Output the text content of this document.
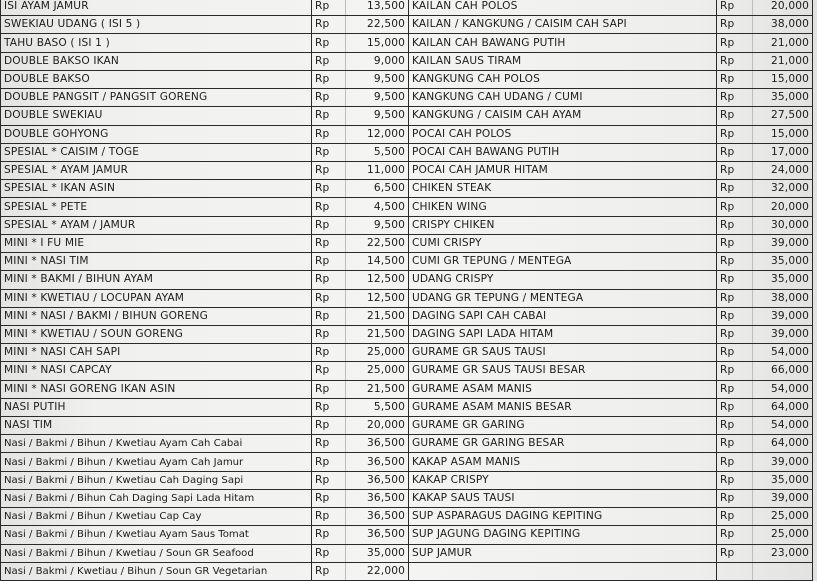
ISI AYAM JAMUR	Rp	13,500	KAILAN CAH POLOS	Rp	20,000
SWEKIAU UDANG ( ISI 5 )	Rp	22,500	KAILAN / KANGKUNG / CAISIM CAH SAPI	Rp	38,000
TAHU BASO ( ISI 1 )	Rp	15,000	KAILAN CAH BAWANG PUTIH	Rp	21,000
DOUBLE BAKSO IKAN	Rp	9,000	KAILAN SAUS TIRAM	Rp	21,000
DOUBLE BAKSO	Rp	9,500	KANGKUNG CAH POLOS	Rp	15,000
DOUBLE PANGSIT / PANGSIT GORENG	Rp	9,500	KANGKUNG CAH UDANG / CUMI	Rp	35,000
DOUBLE SWEKIAU	Rp	9,500	KANGKUNG / CAISIM CAH AYAM	Rp	27,500
DOUBLE GOHYONG	Rp	12,000	POCAI CAH POLOS	Rp	15,000
SPESIAL * CAISIM / TOGE	Rp	5,500	POCAI CAH BAWANG PUTIH	Rp	17,000
SPESIAL * AYAM JAMUR	Rp	11,000	POCAI CAH JAMUR HITAM	Rp	24,000
SPESIAL * IKAN ASIN	Rp	6,500	CHIKEN STEAK	Rp	32,000
SPESIAL * PETE	Rp	4,500	CHIKEN WING	Rp	20,000
SPESIAL * AYAM / JAMUR	Rp	9,500	CRISPY CHIKEN	Rp	30,000
MINI * I FU MIE	Rp	22,500	CUMI CRISPY	Rp	39,000
MINI * NASI TIM	Rp	14,500	CUMI GR TEPUNG / MENTEGA	Rp	35,000
MINI * BAKMI / BIHUN AYAM	Rp	12,500	UDANG CRISPY	Rp	35,000
MINI * KWETIAU / LOCUPAN AYAM	Rp	12,500	UDANG GR TEPUNG / MENTEGA	Rp	38,000
MINI * NASI / BAKMI / BIHUN GORENG	Rp	21,500	DAGING SAPI CAH CABAI	Rp	39,000
MINI * KWETIAU / SOUN GORENG	Rp	21,500	DAGING SAPI LADA HITAM	Rp	39,000
MINI * NASI CAH SAPI	Rp	25,000	GURAME GR SAUS TAUSI	Rp	54,000
MINI * NASI CAPCAY	Rp	25,000	GURAME GR SAUS TAUSI BESAR	Rp	66,000
MINI * NASI GORENG IKAN ASIN	Rp	21,500	GURAME ASAM MANIS	Rp	54,000
NASI PUTIH	Rp	5,500	GURAME ASAM MANIS BESAR	Rp	64,000
NASI TIM	Rp	20,000	GURAME GR GARING	Rp	54,000
Nasi / Bakmi / Bihun / Kwetiau Ayam Cah Cabai	Rp	36,500	GURAME GR GARING BESAR	Rp	64,000
Nasi / Bakmi / Bihun / Kwetiau Ayam Cah Jamur	Rp	36,500	KAKAP ASAM MANIS	Rp	39,000
Nasi / Bakmi / Bihun / Kwetiau Cah Daging Sapi	Rp	36,500	KAKAP CRISPY	Rp	35,000
Nasi / Bakmi / Bihun Cah Daging Sapi Lada Hitam	Rp	36,500	KAKAP SAUS TAUSI	Rp	39,000
Nasi / Bakmi / Bihun / Kwetiau Cap Cay	Rp	36,500	SUP ASPARAGUS DAGING KEPITING	Rp	25,000
Nasi / Bakmi / Bihun / Kwetiau Ayam Saus Tomat	Rp	36,500	SUP JAGUNG DAGING KEPITING	Rp	25,000
Nasi / Bakmi / Bihun / Kwetiau / Soun GR Seafood	Rp	35,000	SUP JAMUR	Rp	23,000
Nasi / Bakmi / Kwetiau / Bihun / Soun GR Vegetarian	Rp	22,000			
